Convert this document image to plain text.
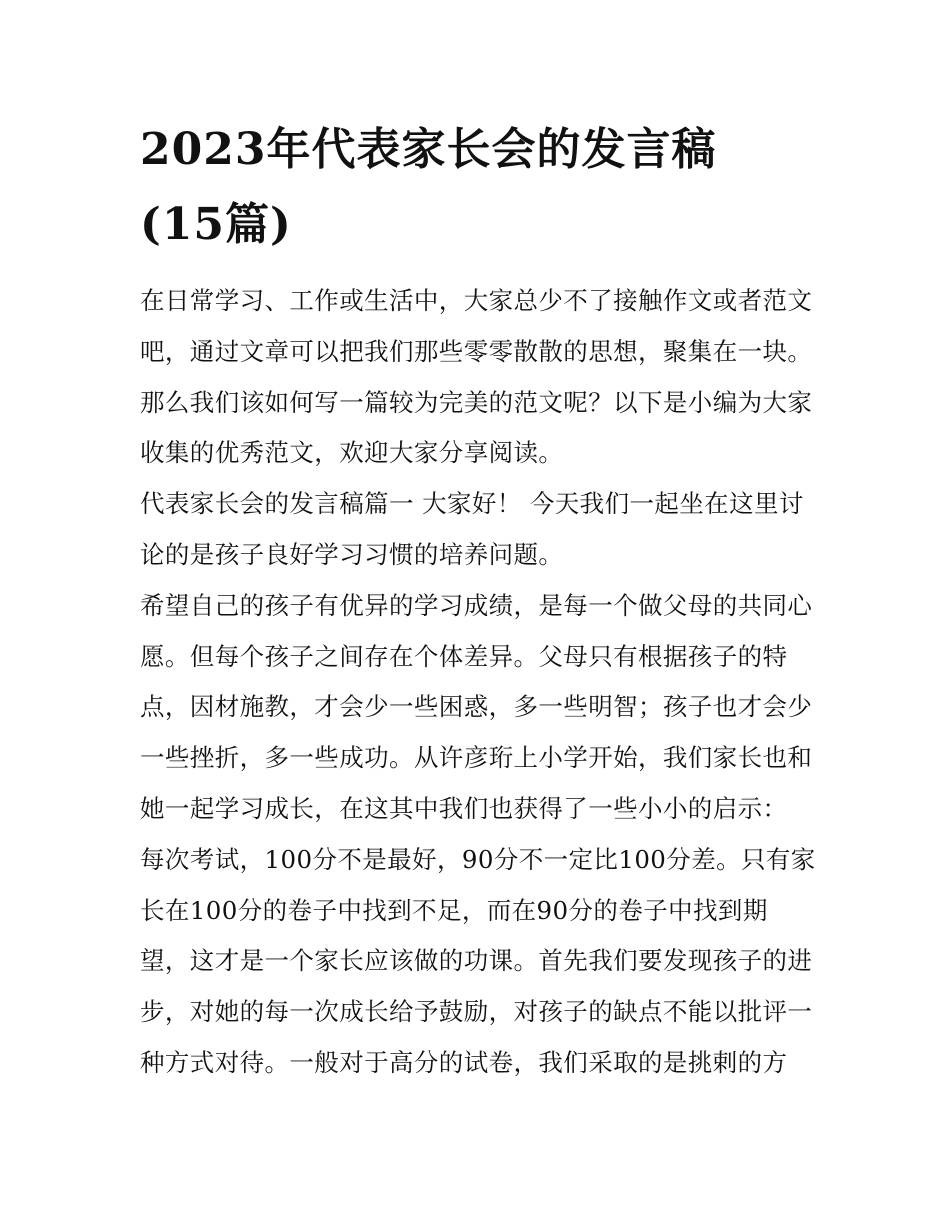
2023年代表家长会的发言稿
(15篇)
在日常学习、工作或生活中，大家总少不了接触作文或者范文
吧，通过文章可以把我们那些零零散散的思想，聚集在一块。
那么我们该如何写一篇较为完美的范文呢？以下是小编为大家
收集的优秀范文，欢迎大家分享阅读。
代表家长会的发言稿篇一 大家好！ 今天我们一起坐在这里讨
论的是孩子良好学习习惯的培养问题。
希望自己的孩子有优异的学习成绩，是每一个做父母的共同心
愿。但每个孩子之间存在个体差异。父母只有根据孩子的特
点，因材施教，才会少一些困惑，多一些明智；孩子也才会少
一些挫折，多一些成功。从许彦珩上小学开始，我们家长也和
她一起学习成长，在这其中我们也获得了一些小小的启示：
每次考试，100分不是最好，90分不一定比100分差。只有家
长在100分的卷子中找到不足，而在90分的卷子中找到期
望，这才是一个家长应该做的功课。首先我们要发现孩子的进
步，对她的每一次成长给予鼓励，对孩子的缺点不能以批评一
种方式对待。一般对于高分的试卷，我们采取的是挑剌的方
